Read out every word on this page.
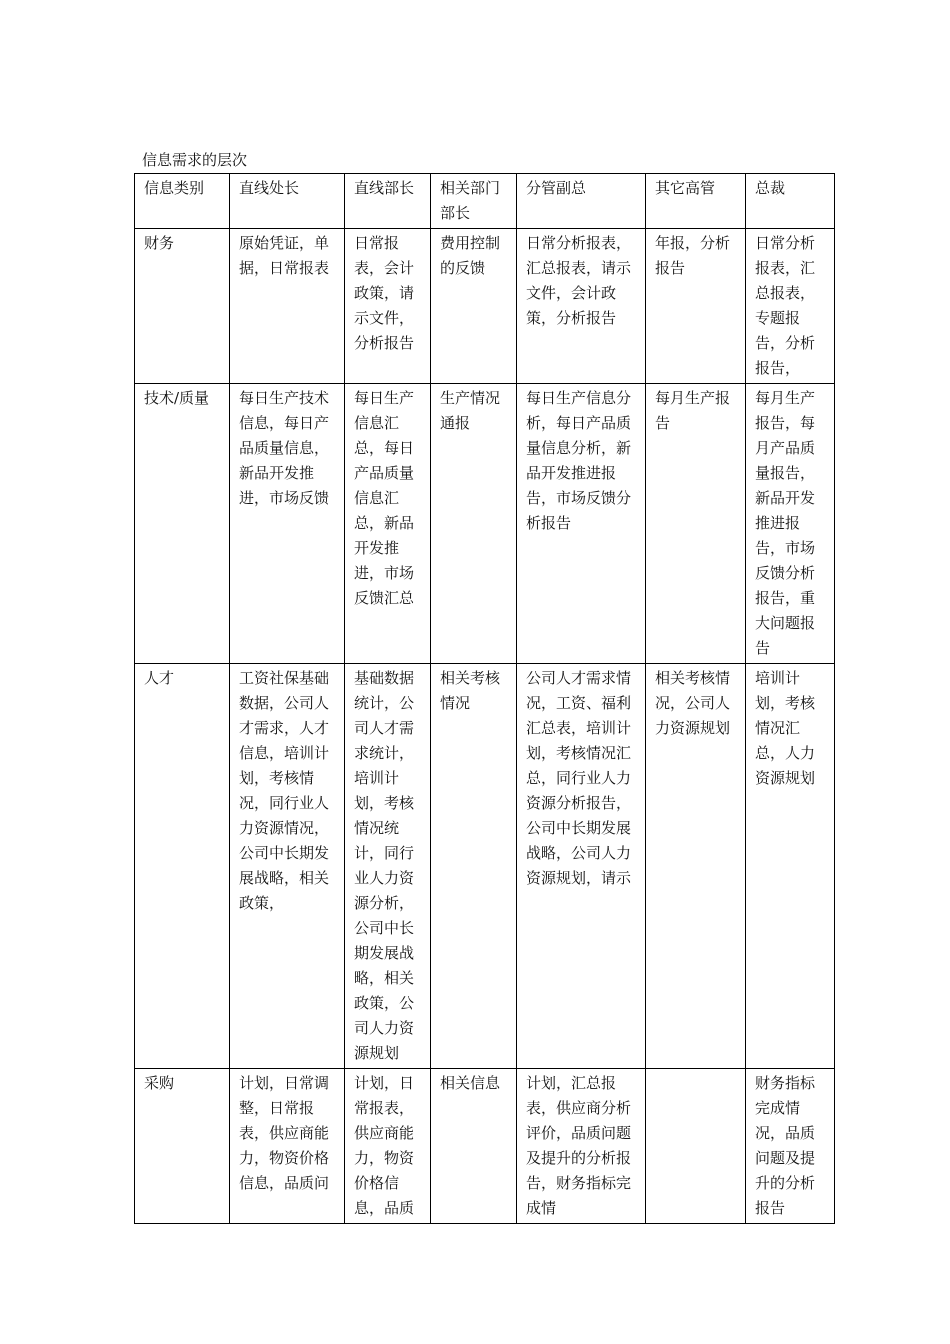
信息需求的层次
信息类别	直线处长	直线部长	相关部门部长	分管副总	其它高管	总裁
财务	原始凭证，单据，日常报表	日常报表，会计政策，请示文件，分析报告	费用控制的反馈	日常分析报表，汇总报表，请示文件，会计政策，分析报告	年报，分析报告	日常分析报表，汇总报表，专题报告，分析报告，
技术/质量	每日生产技术信息，每日产品质量信息，新品开发推进，市场反馈	每日生产信息汇总，每日产品质量信息汇总，新品开发推进，市场反馈汇总	生产情况通报	每日生产信息分析，每日产品质量信息分析，新品开发推进报告，市场反馈分析报告	每月生产报告	每月生产报告，每月产品质量报告，新品开发推进报告，市场反馈分析报告，重大问题报告
人才	工资社保基础数据，公司人才需求，人才信息，培训计划，考核情况，同行业人力资源情况，公司中长期发展战略，相关政策，	基础数据统计，公司人才需求统计，培训计划，考核情况统计，同行业人力资源分析，公司中长期发展战略，相关政策，公司人力资源规划	相关考核情况	公司人才需求情况，工资、福利汇总表，培训计划，考核情况汇总，同行业人力资源分析报告，公司中长期发展战略，公司人力资源规划，请示	相关考核情况，公司人力资源规划	培训计划，考核情况汇总，人力资源规划
采购	计划，日常调整，日常报表，供应商能力，物资价格信息，品质问	计划，日常报表，供应商能力，物资价格信息，品质	相关信息	计划，汇总报表，供应商分析评价，品质问题及提升的分析报告，财务指标完成情		财务指标完成情况，品质问题及提升的分析报告
